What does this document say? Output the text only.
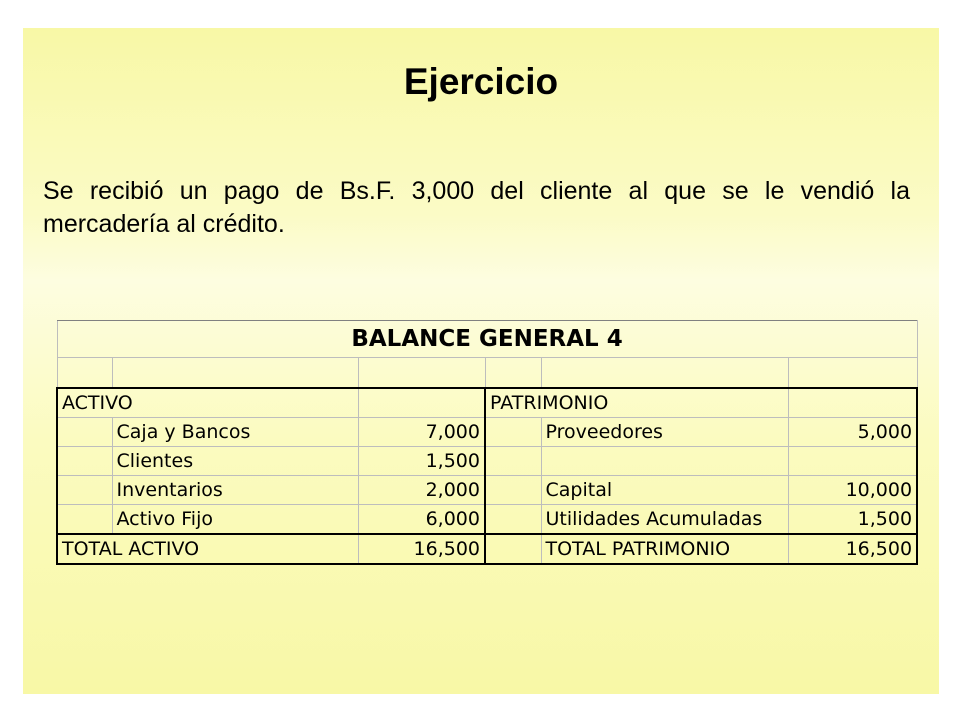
Ejercicio
Se recibió un pago de Bs.F. 3,000 del cliente al que se le vendió la mercadería al crédito.
BALANCE GENERAL 4					

ACTIVO			PATRIMONIO		
	Caja y Bancos	7,000		Proveedores	5,000
	Clientes	1,500			
	Inventarios	2,000		Capital	10,000
	Activo Fijo	6,000		Utilidades Acumuladas	1,500
TOTAL ACTIVO		16,500		TOTAL PATRIMONIO	16,500
